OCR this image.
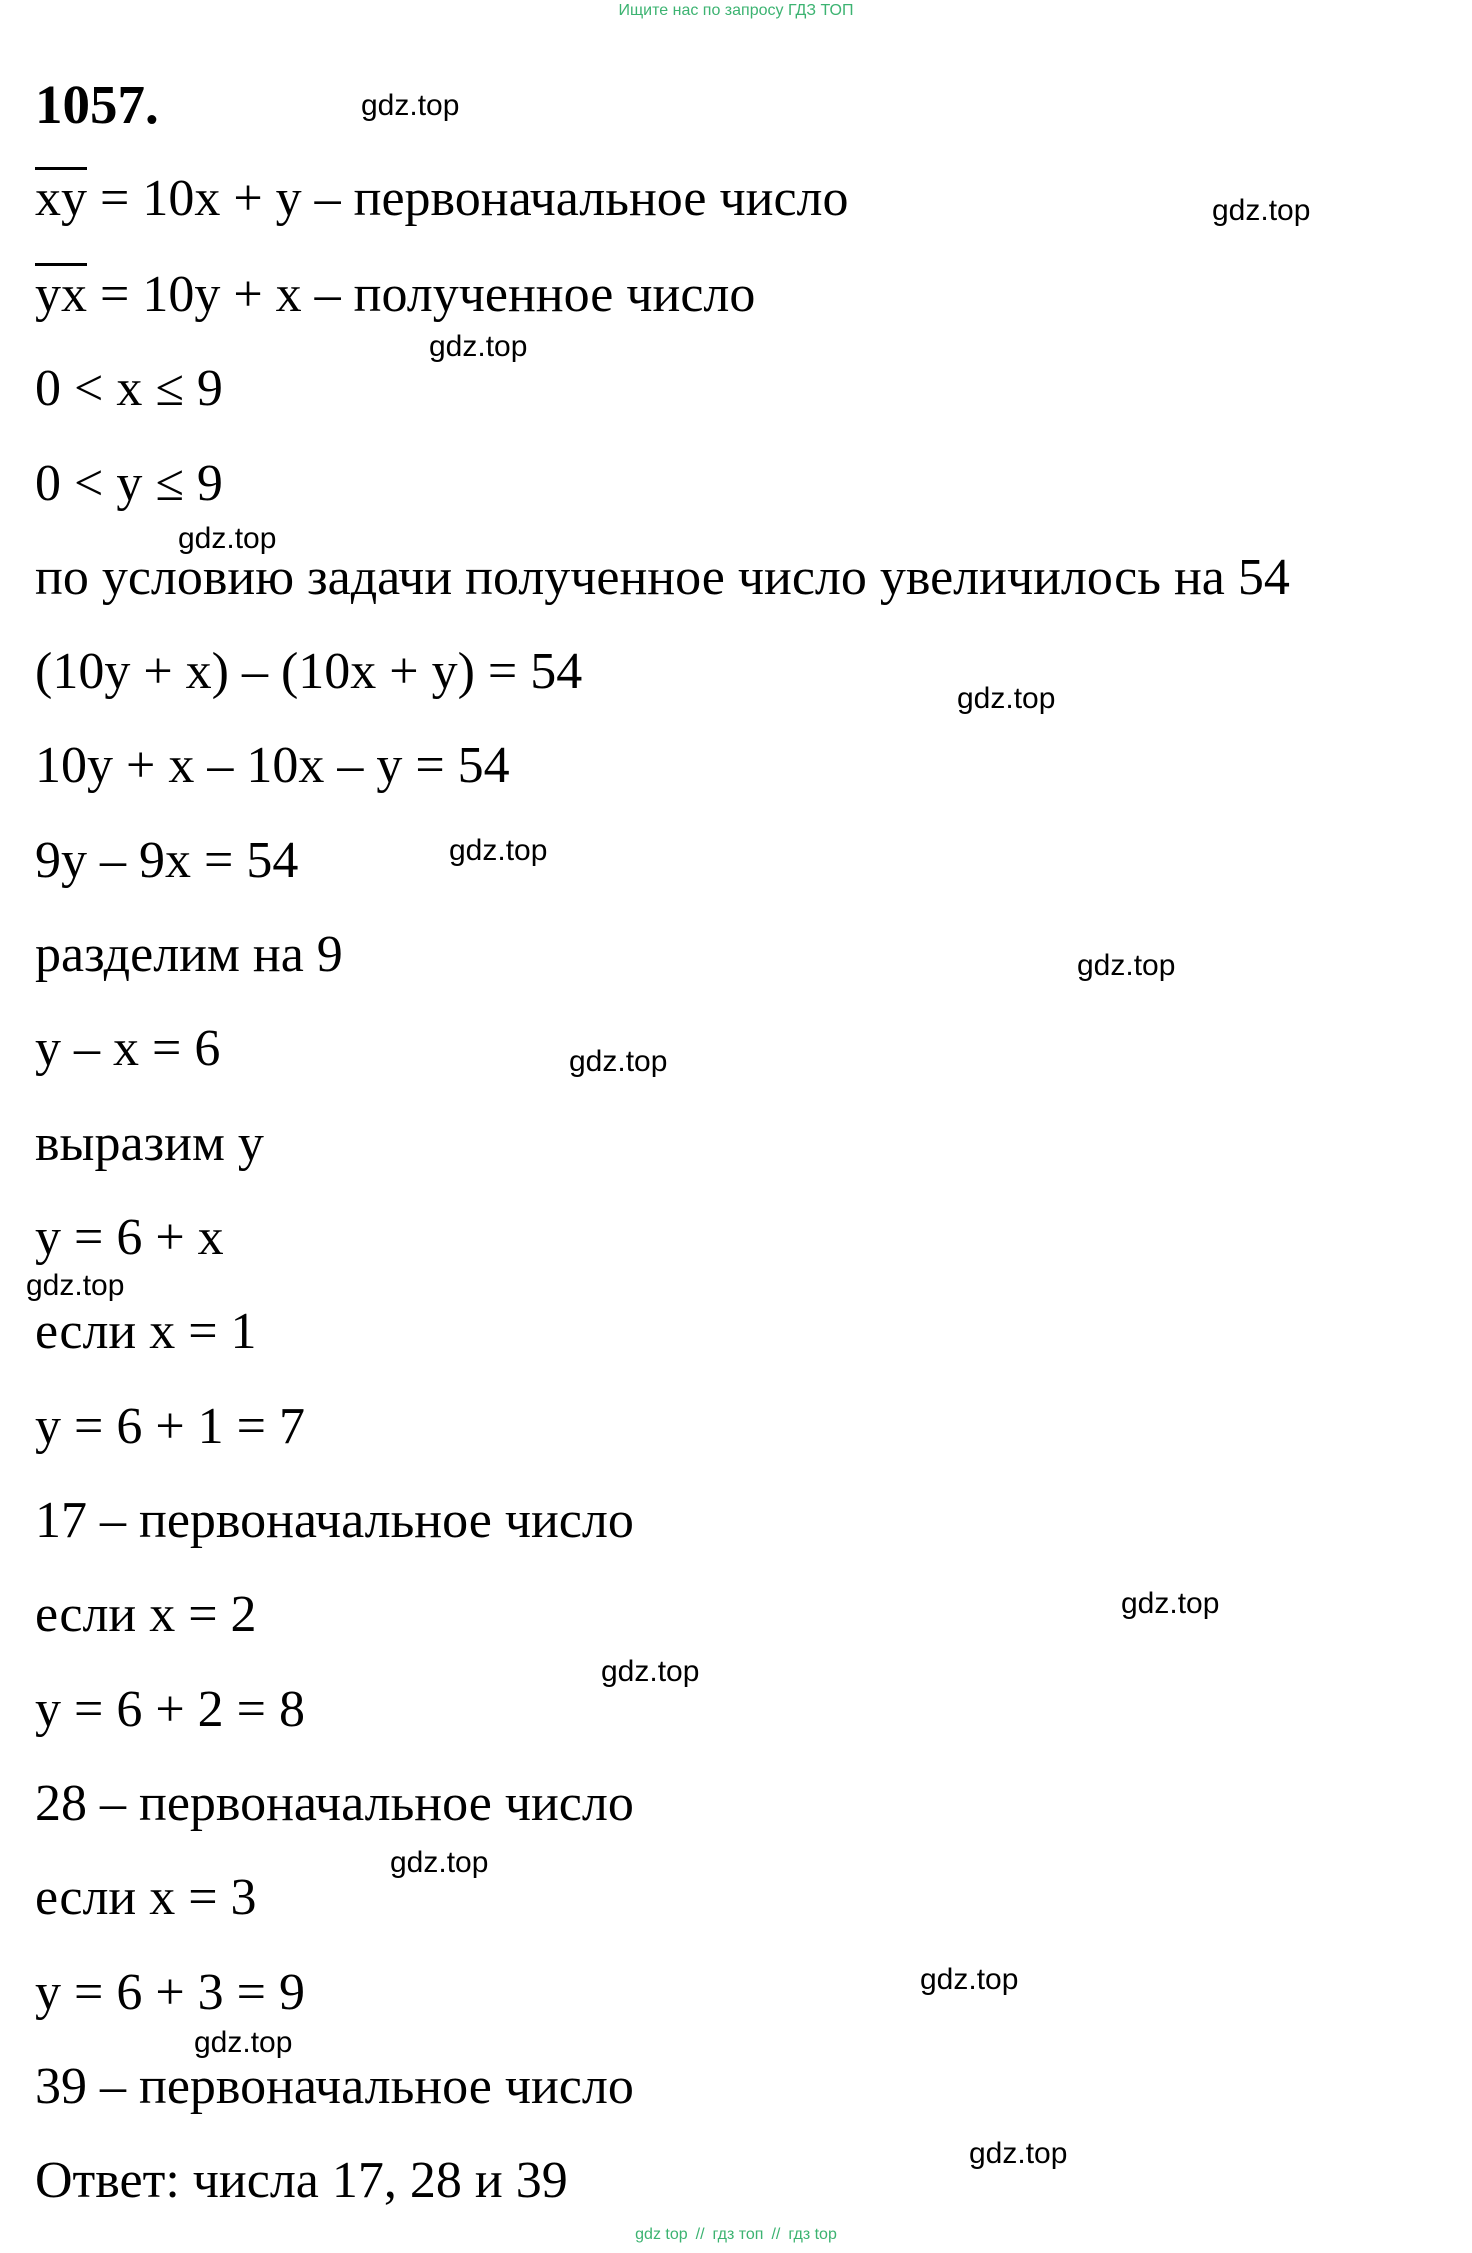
Ищите нас по запросу ГДЗ ТОП
1057.
$\overline{xy} = 10x + y$ – первоначальное число
$\overline{yx} = 10y + x$ – полученное число
0 < x ≤ 9
0 < y ≤ 9
по условию задачи полученное число увеличилось на 54
(10y + x) – (10x + y) = 54
10y + x – 10x – y = 54
9y – 9x = 54
разделим на 9
y – x = 6
выразим y
y = 6 + x
если x = 1
y = 6 + 1 = 7
17 – первоначальное число
если x = 2
y = 6 + 2 = 8
28 – первоначальное число
если x = 3
y = 6 + 3 = 9
39 – первоначальное число
Ответ: числа 17, 28 и 39
gdz.top
gdz.top
gdz.top
gdz.top
gdz.top
gdz.top
gdz.top
gdz.top
gdz.top
gdz.top
gdz.top
gdz.top
gdz.top
gdz.top
gdz.top
gdz top // гдз топ // гдз top
